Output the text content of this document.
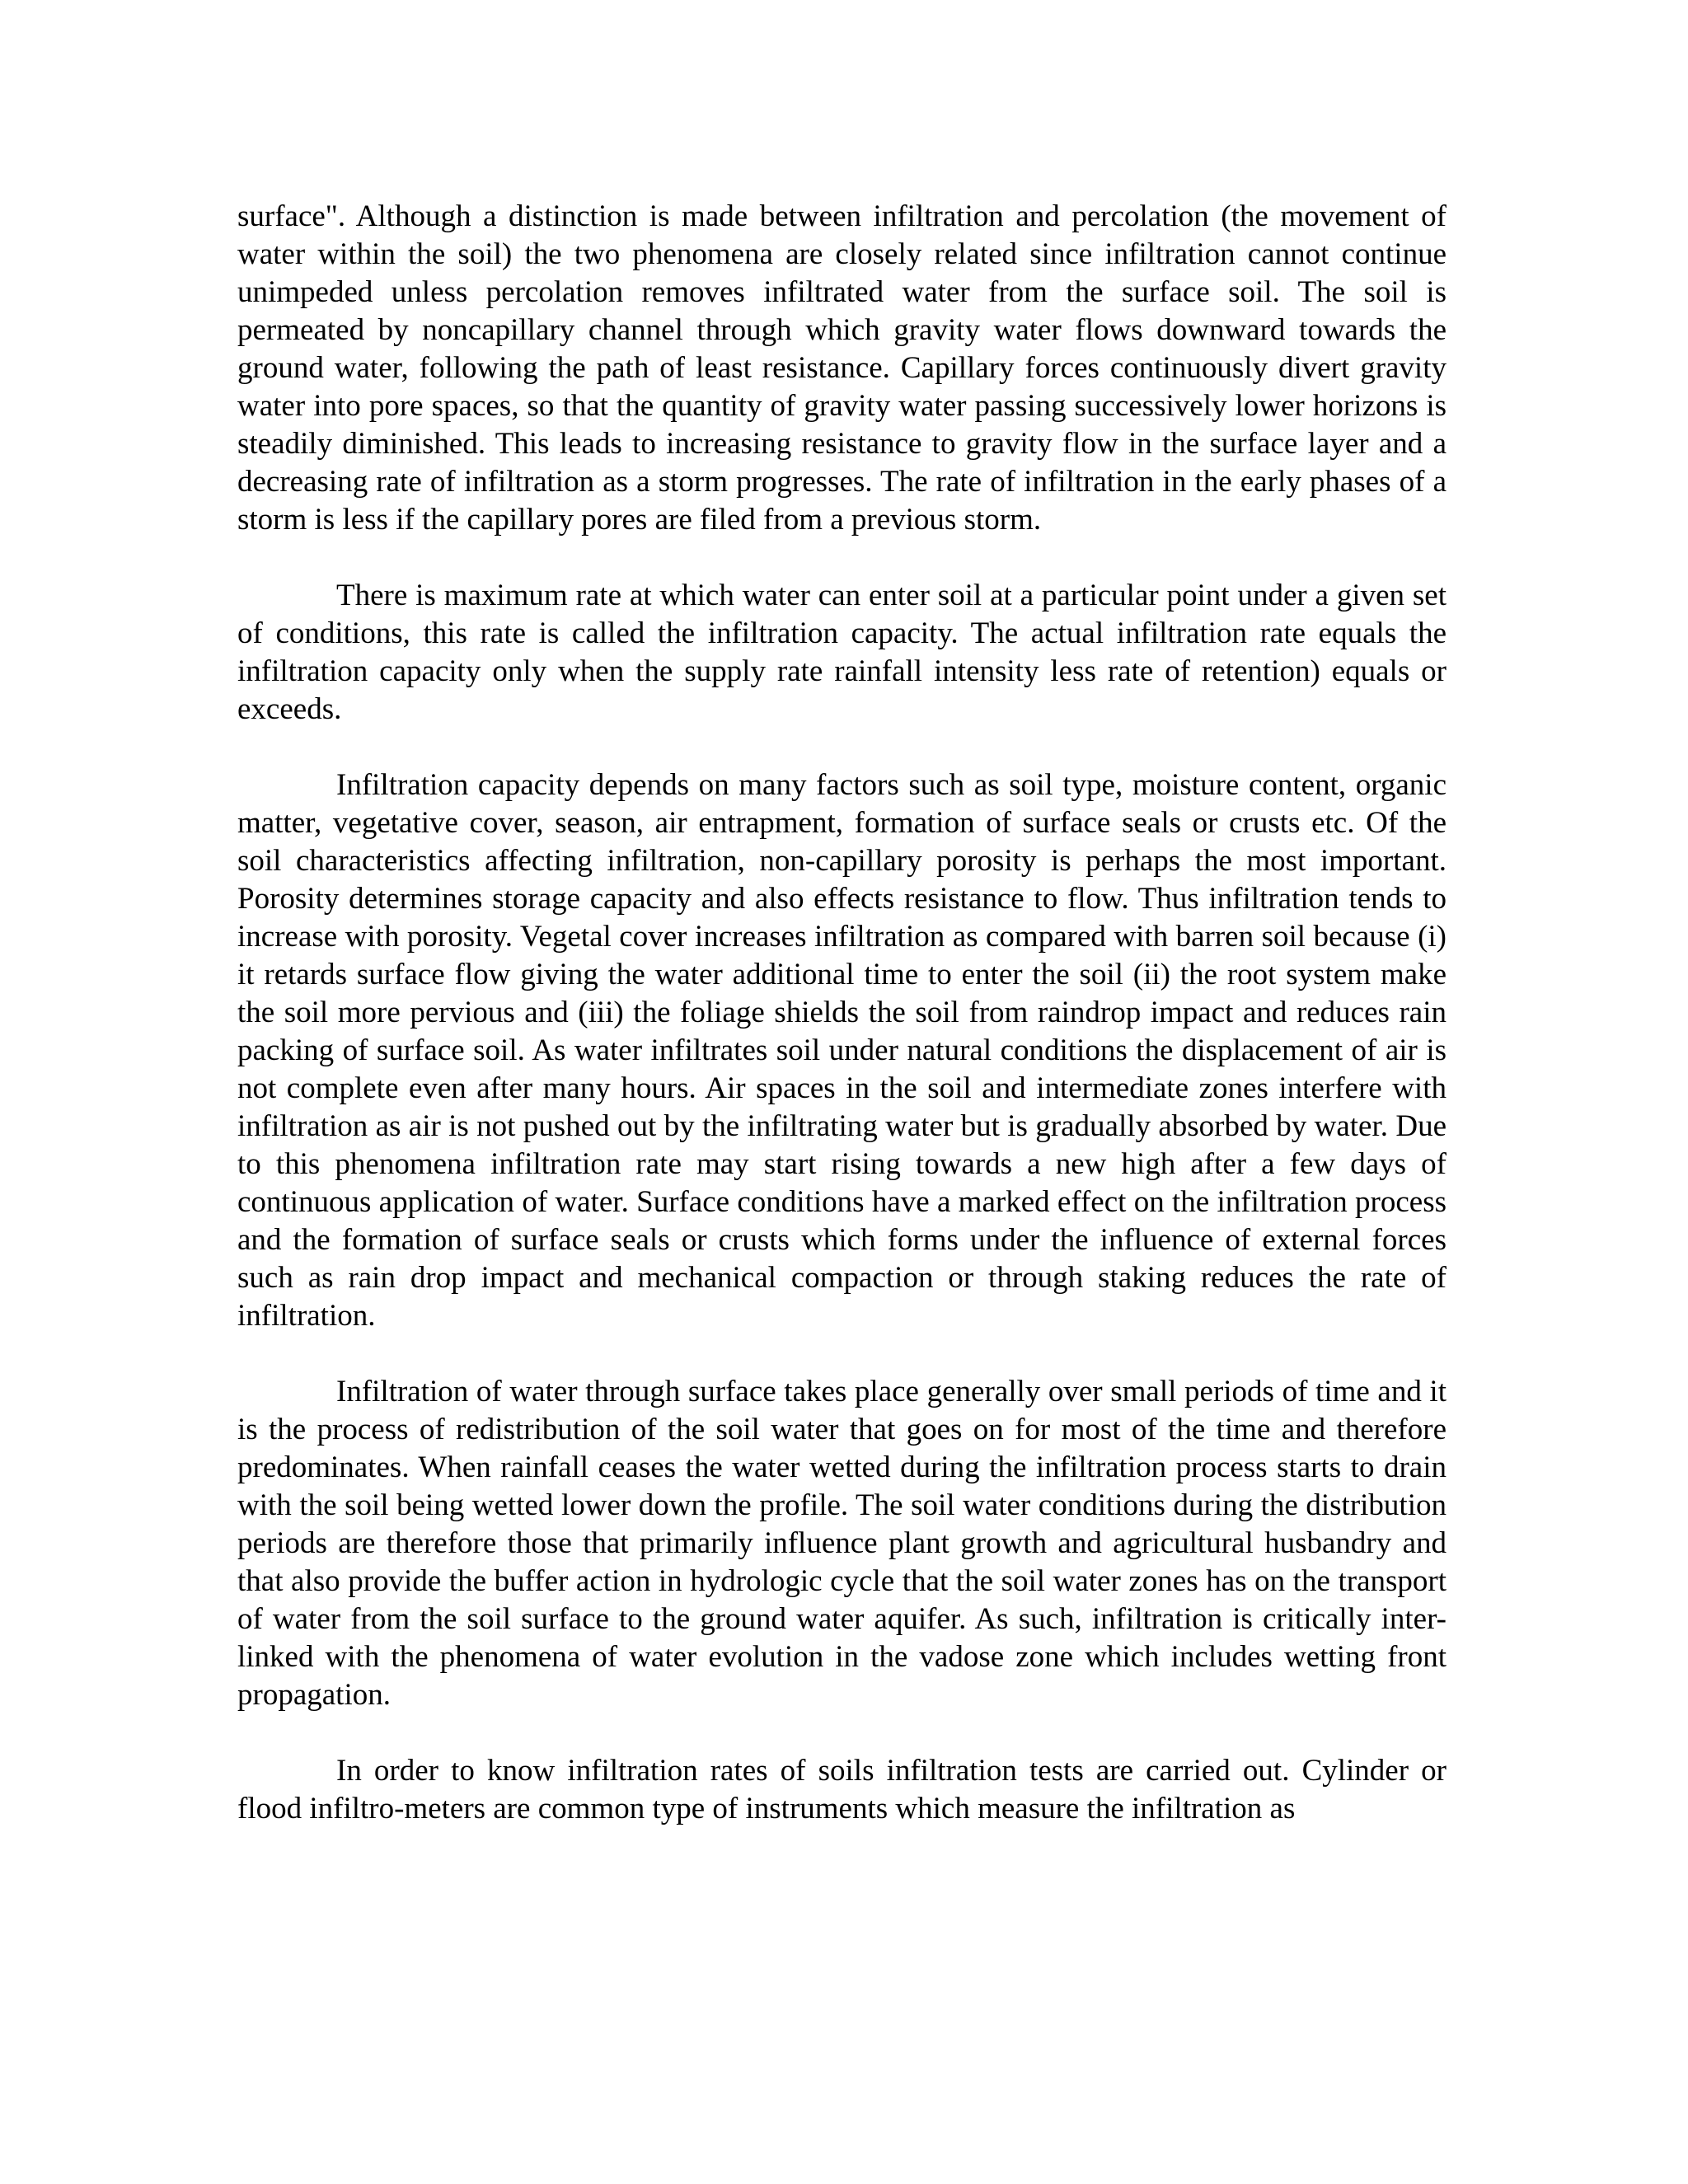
surface". Although a distinction is made between infiltration and percolation (the movement of water within the soil) the two phenomena are closely related since infiltration cannot continue unimpeded unless percolation removes infiltrated water from the surface soil. The soil is permeated by noncapillary channel through which gravity water flows downward towards the ground water, following the path of least resistance. Capillary forces continuously divert gravity water into pore spaces, so that the quantity of gravity water passing successively lower horizons is steadily diminished. This leads to increasing resistance to gravity flow in the surface layer and a decreasing rate of infiltration as a storm progresses. The rate of infiltration in the early phases of a storm is less if the capillary pores are filed from a previous storm.

There is maximum rate at which water can enter soil at a particular point under a given set of conditions, this rate is called the infiltration capacity. The actual infiltration rate equals the infiltration capacity only when the supply rate rainfall intensity less rate of retention) equals or exceeds.

Infiltration capacity depends on many factors such as soil type, moisture content, organic matter, vegetative cover, season, air entrapment, formation of surface seals or crusts etc. Of the soil characteristics affecting infiltration, non-capillary porosity is perhaps the most important. Porosity determines storage capacity and also effects resistance to flow. Thus infiltration tends to increase with porosity. Vegetal cover increases infiltration as compared with barren soil because (i) it retards surface flow giving the water additional time to enter the soil (ii) the root system make the soil more pervious and (iii) the foliage shields the soil from raindrop impact and reduces rain packing of surface soil. As water infiltrates soil under natural conditions the displacement of air is not complete even after many hours. Air spaces in the soil and intermediate zones interfere with infiltration as air is not pushed out by the infiltrating water but is gradually absorbed by water. Due to this phenomena infiltration rate may start rising towards a new high after a few days of continuous application of water. Surface conditions have a marked effect on the infiltration process and the formation of surface seals or crusts which forms under the influence of external forces such as rain drop impact and mechanical compaction or through staking reduces the rate of infiltration.

Infiltration of water through surface takes place generally over small periods of time and it is the process of redistribution of the soil water that goes on for most of the time and therefore predominates. When rainfall ceases the water wetted during the infiltration process starts to drain with the soil being wetted lower down the profile. The soil water conditions during the distribution periods are therefore those that primarily influence plant growth and agricultural husbandry and that also provide the buffer action in hydrologic cycle that the soil water zones has on the transport of water from the soil surface to the ground water aquifer. As such, infiltration is critically inter-linked with the phenomena of water evolution in the vadose zone which includes wetting front propagation.

In order to know infiltration rates of soils infiltration tests are carried out. Cylinder or flood infiltro-meters are common type of instruments which measure the infiltration as
